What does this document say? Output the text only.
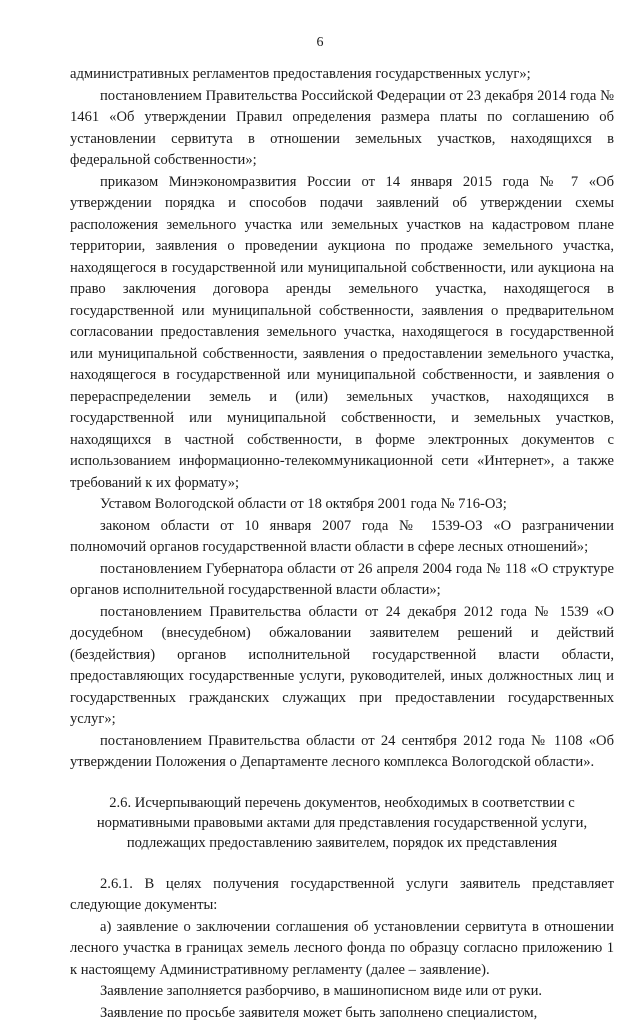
6

административных регламентов предоставления государственных услуг»;

постановлением Правительства Российской Федерации от 23 декабря 2014 года № 1461 «Об утверждении Правил определения размера платы по соглашению об установлении сервитута в отношении земельных участков, находящихся в федеральной собственности»;

приказом Минэкономразвития России от 14 января 2015 года № 7 «Об утверждении порядка и способов подачи заявлений об утверждении схемы расположения земельного участка или земельных участков на кадастровом плане территории, заявления о проведении аукциона по продаже земельного участка, находящегося в государственной или муниципальной собственности, или аукциона на право заключения договора аренды земельного участка, находящегося в государственной или муниципальной собственности, заявления о предварительном согласовании предоставления земельного участка, находящегося в государственной или муниципальной собственности, заявления о предоставлении земельного участка, находящегося в государственной или муниципальной собственности, и заявления о перераспределении земель и (или) земельных участков, находящихся в государственной или муниципальной собственности, и земельных участков, находящихся в частной собственности, в форме электронных документов с использованием информационно-телекоммуникационной сети «Интернет», а также требований к их формату»;

Уставом Вологодской области от 18 октября 2001 года № 716-ОЗ;

законом области от 10 января 2007 года № 1539-ОЗ «О разграничении полномочий органов государственной власти области в сфере лесных отношений»;

постановлением Губернатора области от 26 апреля 2004 года № 118 «О структуре органов исполнительной государственной власти области»;

постановлением Правительства области от 24 декабря 2012 года № 1539 «О досудебном (внесудебном) обжаловании заявителем решений и действий (бездействия) органов исполнительной государственной власти области, предоставляющих государственные услуги, руководителей, иных должностных лиц и государственных гражданских служащих при предоставлении государственных услуг»;

постановлением Правительства области от 24 сентября 2012 года № 1108 «Об утверждении Положения о Департаменте лесного комплекса Вологодской области».

2.6. Исчерпывающий перечень документов, необходимых в соответствии с нормативными правовыми актами для представления государственной услуги, подлежащих предоставлению заявителем, порядок их представления

2.6.1. В целях получения государственной услуги заявитель представляет следующие документы:

а) заявление о заключении соглашения об установлении сервитута в отношении лесного участка в границах земель лесного фонда по образцу согласно приложению 1 к настоящему Административному регламенту (далее – заявление).

Заявление заполняется разборчиво, в машинописном виде или от руки.

Заявление по просьбе заявителя может быть заполнено специалистом,
